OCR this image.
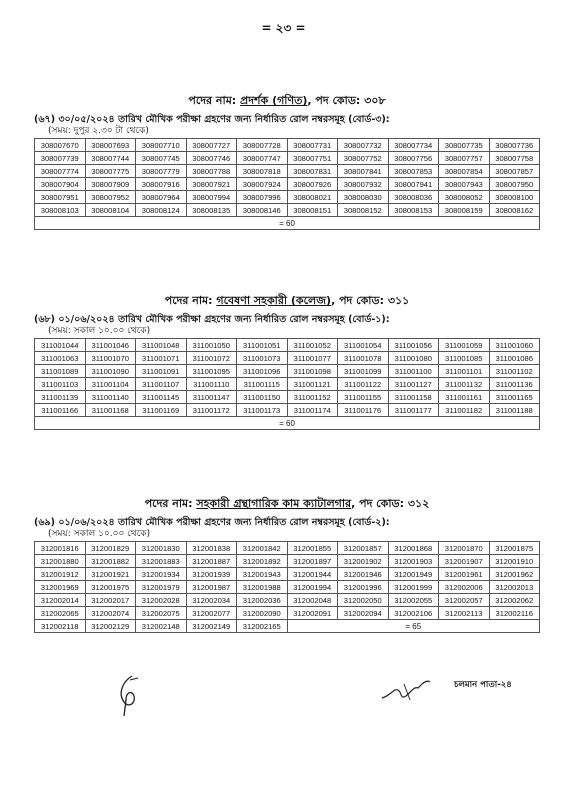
= ২৩ =
পদের নাম: প্রদর্শক (গণিত), পদ কোড: ৩০৮
(৬৭) ৩০/০৫/২০২৪ তারিখ মৌখিক পরীক্ষা গ্রহণের জন্য নির্ধারিত রোল নম্বরসমূহ (বোর্ড-৩):
(সময়: দুপুর ২.৩০ টা থেকে)
308007670	308007693	308007710	308007727	308007728	308007731	308007732	308007734	308007735	308007736
308007739	308007744	308007745	308007746	308007747	308007751	308007752	308007756	308007757	308007758
308007774	308007775	308007779	308007788	308007818	308007831	308007841	308007853	308007854	308007857
308007904	308007909	308007916	308007921	308007924	308007926	308007932	308007941	308007943	308007950
308007951	308007952	308007964	308007994	308007996	308008021	308008030	308008036	308008052	308008100
308008103	308008104	308008124	308008135	308008146	308008151	308008152	308008153	308008159	308008162
= 60									
পদের নাম: গবেষণা সহকারী (কলেজ), পদ কোড: ৩১১
(৬৮) ০১/০৬/২০২৪ তারিখ মৌখিক পরীক্ষা গ্রহণের জন্য নির্ধারিত রোল নম্বরসমূহ (বোর্ড-১):
(সময়: সকাল ১০.০০ থেকে)
311001044	311001046	311001048	311001050	311001051	311001052	311001054	311001056	311001059	311001060
311001063	311001070	311001071	311001072	311001073	311001077	311001078	311001080	311001085	311001086
311001089	311001090	311001091	311001095	311001096	311001098	311001099	311001100	311001101	311001102
311001103	311001104	311001107	311001110	311001115	311001121	311001122	311001127	311001132	311001136
311001139	311001140	311001145	311001147	311001150	311001152	311001155	311001158	311001161	311001165
311001166	311001168	311001169	311001172	311001173	311001174	311001176	311001177	311001182	311001188
= 60									
পদের নাম: সহকারী গ্রন্থাগারিক কাম ক্যাটালগার, পদ কোড: ৩১২
(৬৯) ০১/০৬/২০২৪ তারিখ মৌখিক পরীক্ষা গ্রহণের জন্য নির্ধারিত রোল নম্বরসমূহ (বোর্ড-২):
(সময়: সকাল ১০.০০ থেকে)
312001816	312001829	312001830	312001838	312001842	312001855	312001857	312001868	312001870	312001875
312001880	312001882	312001883	312001887	312001892	312001897	312001902	312001903	312001907	312001910
312001912	312001921	312001934	312001939	312001943	312001944	312001946	312001949	312001961	312001962
312001969	312001975	312001979	312001987	312001988	312001994	312001996	312001999	312002006	312002013
312002014	312002017	312002028	312002034	312002036	312002048	312002050	312002055	312002057	312002062
312002065	312002074	312002075	312002077	312002090	312002091	312002094	312002106	312002113	312002116
312002118	312002129	312002148	312002149	312002165	= 65				
চলমান পাতা-২৪
